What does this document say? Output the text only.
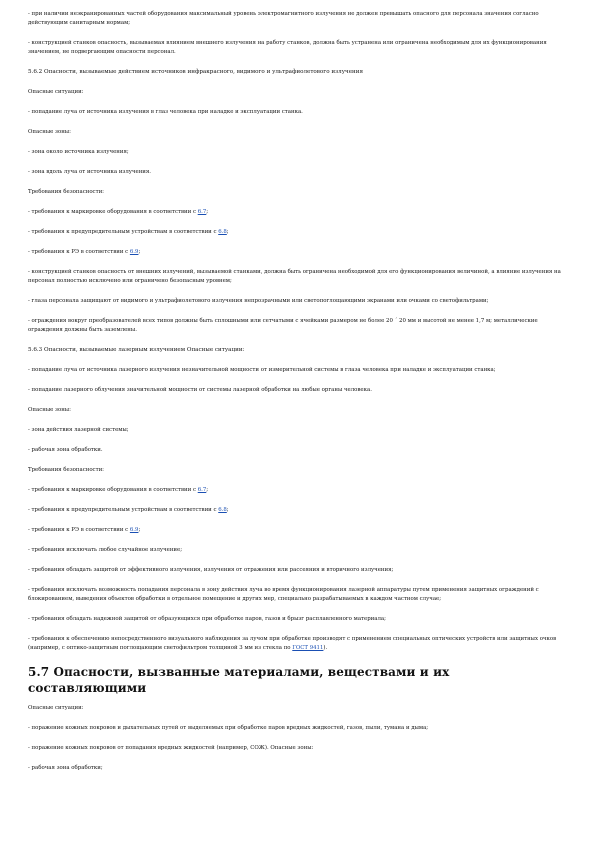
- при наличии неэкранированных частей оборудования максимальный уровень электромагнитного излучения не должен превышать опасного для персонала значения согласно действующим санитарным нормам;

- конструкцией станков опасность, вызываемая влиянием внешнего излучения на работу станков, должна быть устранена или ограничена необходимым для их функционирования значением, не подвергающим опасности персонал.

5.6.2 Опасности, вызываемые действием источников инфракрасного, видимого и ультрафиолетового излучения

Опасные ситуации:

- попадание луча от источника излучения в глаз человека при наладке и эксплуатации станка.

Опасные зоны:

- зона около источника излучения;

- зона вдоль луча от источника излучения.

Требования безопасности:

- требования к маркировке оборудования в соответствии с 6.7;

- требования к предупредительным устройствам в соответствии с 6.8;

- требования к РЭ в соответствии с 6.9;

- конструкцией станков опасность от внешних излучений, вызываемой станками, должна быть ограничена необходимой для его функционирования величиной, а влияние излучения на персонал полностью исключено или ограничено безопасным уровнем;

- глаза персонала защищают от видимого и ультрафиолетового излучения непрозрачными или светопоглощающими экранами или очками со светофильтрами;

- ограждения вокруг преобразователей всех типов должны быть сплошными или сетчатыми с ячейками размером не более 20 ´ 20 мм и высотой не менее 1,7 м; металлические ограждения должны быть заземлены.

5.6.3 Опасности, вызываемые лазерным излучением Опасные ситуации:

- попадание луча от источника лазерного излучения незначительной мощности от измерительной системы в глаза человека при наладке и эксплуатации станка;

- попадание лазерного облучения значительной мощности от системы лазерной обработки на любые органы человека.

Опасные зоны:

- зона действия лазерной системы;

- рабочая зона обработки.

Требования безопасности:

- требования к маркировке оборудования в соответствии с 6.7;

- требования к предупредительным устройствам в соответствии с 6.8;

- требования к РЭ в соответствии с 6.9;

- требования исключать любое случайное излучение;

- требования обладать защитой от эффективного излучения, излучения от отражения или рассеяния и вторичного излучения;

- требования исключать возможность попадания персонала в зону действия луча во время функционирования лазерной аппаратуры путем применения защитных ограждений с блокированием, выведения объектов обработки в отдельное помещение и других мер, специально разрабатываемых в каждом частном случае;

- требования обладать надежной защитой от образующихся при обработке паров, газов и брызг расплавленного материала;

- требования к обеспечению непосредственного визуального наблюдения за лучом при обработке производят с применением специальных оптических устройств или защитных очков (например, с оптико-защитным поглощающим светофильтром толщиной 3 мм из стекла по ГОСТ 9411).

5.7 Опасности, вызванные материалами, веществами и их составляющими

Опасные ситуации:

- поражение кожных покровов и дыхательных путей от выделяемых при обработке паров вредных жидкостей, газов, пыли, тумана и дыма;

- поражение кожных покровов от попадания вредных жидкостей (например, СОЖ). Опасные зоны:

- рабочая зона обработки;
